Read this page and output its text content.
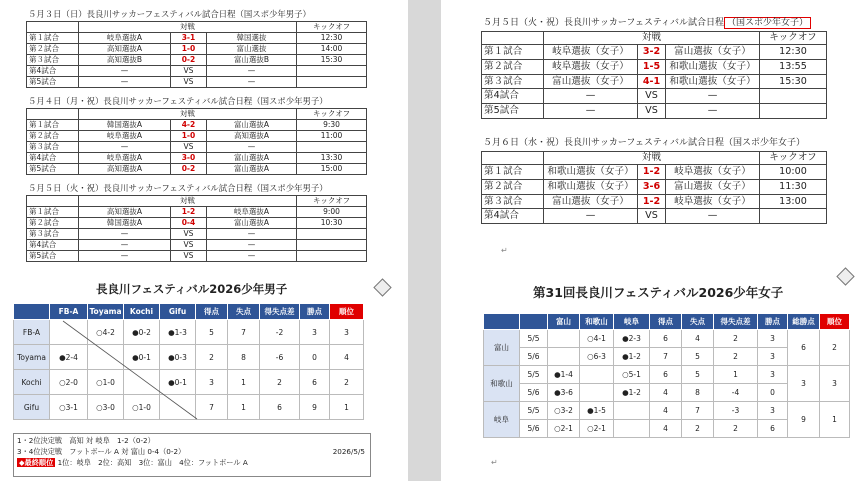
５月３日（日）長良川サッカーフェスティバル試合日程（国スポ少年男子）
	対戦			キックオフ
第１試合	岐阜選抜A	3-1	韓国選抜	12:30
第２試合	高知選抜A	1-0	富山選抜	14:00
第３試合	高知選抜B	0-2	富山選抜B	15:30
第4試合	—	VS	—	
第5試合	—	VS	—	
５月４日（月・祝）長良川サッカーフェスティバル試合日程（国スポ少年男子）
	対戦			キックオフ
第１試合	韓国選抜A	4-2	富山選抜A	9:30
第２試合	岐阜選抜A	1-0	高知選抜A	11:00
第３試合	—	VS	—	
第4試合	岐阜選抜A	3-0	富山選抜A	13:30
第5試合	高知選抜A	0-2	富山選抜A	15:00
５月５日（火・祝）長良川サッカーフェスティバル試合日程（国スポ少年男子）
	対戦			キックオフ
第１試合	高知選抜A	1-2	岐阜選抜A	9:00
第２試合	韓国選抜A	0-4	富山選抜A	10:30
第３試合	—	VS	—	
第4試合	—	VS	—	
第5試合	—	VS	—	
長良川フェスティバル2026少年男子
	FB-A	Toyama	Kochi	Gifu	得点	失点	得失点差	勝点	順位
FB-A		○4-2	●0-2	●1-3	5	7	-2	3	3
Toyama	●2-4		●0-1	●0-3	2	8	-6	0	4
Kochi	○2-0	○1-0		●0-1	3	1	2	6	2
Gifu	○3-1	○3-0	○1-0		7	1	6	9	1
1・2位決定戦　高知 対 岐阜　1-2（0-2）
3・4位決定戦　フットボール A 対 富山 0-4（0-2）	2026/5/5
◆最終順位 1位：岐阜　2位：高知　3位：富山　4位：フットボール A
５月５日（火・祝）長良川サッカーフェスティバル試合日程 （国スポ少年女子）
	対戦			キックオフ
第１試合	岐阜選抜（女子）	3-2	富山選抜（女子）	12:30
第２試合	岐阜選抜（女子）	1-5	和歌山選抜（女子）	13:55
第３試合	富山選抜（女子）	4-1	和歌山選抜（女子）	15:30
第4試合	—	VS	—	
第5試合	—	VS	—	
５月６日（水・祝）長良川サッカーフェスティバル試合日程（国スポ少年女子）
	対戦			キックオフ
第１試合	和歌山選抜（女子）	1-2	岐阜選抜（女子）	10:00
第２試合	和歌山選抜（女子）	3-6	富山選抜（女子）	11:30
第３試合	富山選抜（女子）	1-2	岐阜選抜（女子）	13:00
第4試合	—	VS	—	
↵
第31回長良川フェスティバル2026少年女子
		富山	和歌山	岐阜	得点	失点	得失点差	勝点	総勝点	順位
富山	5/5		○4-1	●2-3	6	4	2	3	6	2
	5/6		○6-3	●1-2	7	5	2	3		
和歌山	5/5	●1-4		○5-1	6	5	1	3	3	3
	5/6	●3-6		●1-2	4	8	-4	0		
岐阜	5/5	○3-2	●1-5		4	7	-3	3	9	1
	5/6	○2-1	○2-1		4	2	2	6		
↵
